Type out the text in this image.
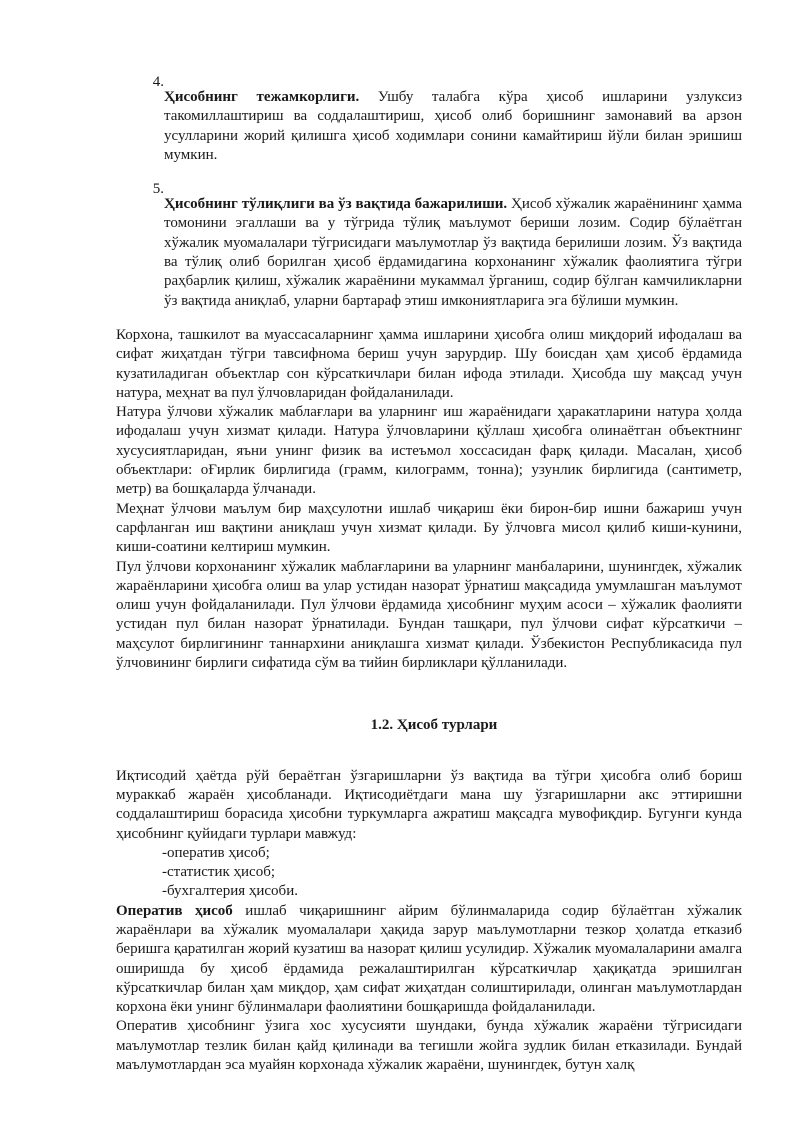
4.

Ҳисобнинг тежамкорлиги. Ушбу талабга кўра ҳисоб ишларини узлуксиз такомиллаштириш ва соддалаштириш, ҳисоб олиб боришнинг замонавий ва арзон усулларини жорий қилишга ҳисоб ходимлари сонини камайтириш йўли билан эришиш мумкин.

5.

Ҳисобнинг тўлиқлиги ва ўз вақтида бажарилиши. Ҳисоб хўжалик жараёнининг ҳамма томонини эгаллаши ва у тўгрида тўлиқ маълумот бериши лозим. Содир бўлаётган хўжалик муомалалари тўгрисидаги маълумотлар ўз вақтида берилиши лозим. Ўз вақтида ва тўлиқ олиб борилган ҳисоб ёрдамидагина корхонанинг хўжалик фаолиятига тўгри раҳбарлик қилиш, хўжалик жараёнини мукаммал ўрганиш, содир бўлган камчиликларни ўз вақтида аниқлаб, уларни бартараф этиш имкониятларига эга бўлиши мумкин.

Корхона, ташкилот ва муассасаларнинг ҳамма ишларини ҳисобга олиш миқдорий ифодалаш ва сифат жиҳатдан тўгри тавсифнома бериш учун зарурдир. Шу боисдан ҳам ҳисоб ёрдамида кузатиладиган объектлар сон кўрсаткичлари билан ифода этилади. Ҳисобда шу мақсад учун натура, меҳнат ва пул ўлчовларидан фойдаланилади.

Натура ўлчови хўжалик маблағлари ва уларнинг иш жараёнидаги ҳаракатларини натура ҳолда ифодалаш учун хизмат қилади. Натура ўлчовларини қўллаш ҳисобга олинаётган объектнинг хусусиятларидан, яъни унинг физик ва истеъмол хоссасидан фарқ қилади. Масалан, ҳисоб объектлари: оҒирлик бирлигида (грамм, килограмм, тонна); узунлик бирлигида (сантиметр, метр) ва бошқаларда ўлчанади.

Меҳнат ўлчови маълум бир маҳсулотни ишлаб чиқариш ёки бирон-бир ишни бажариш учун сарфланган иш вақтини аниқлаш учун хизмат қилади. Бу ўлчовга мисол қилиб киши-кунини, киши-соатини келтириш мумкин.

Пул ўлчови корхонанинг хўжалик маблағларини ва уларнинг манбаларини, шунингдек, хўжалик жараёнларини ҳисобга олиш ва улар устидан назорат ўрнатиш мақсадида умумлашган маълумот олиш учун фойдаланилади. Пул ўлчови ёрдамида ҳисобнинг муҳим асоси – хўжалик фаолияти устидан пул билан назорат ўрнатилади. Бундан ташқари, пул ўлчови сифат кўрсаткичи – маҳсулот бирлигининг таннархини аниқлашга хизмат қилади. Ўзбекистон Республикасида пул ўлчовининг бирлиги сифатида сўм ва тийин бирликлари қўлланилади.

1.2. Ҳисоб турлари

Иқтисодий ҳаётда рўй бераётган ўзгаришларни ўз вақтида ва тўгри ҳисобга олиб бориш мураккаб жараён ҳисобланади. Иқтисодиётдаги мана шу ўзгаришларни акс эттиришни соддалаштириш борасида ҳисобни туркумларга ажратиш мақсадга мувофиқдир. Бугунги кунда ҳисобнинг қуйидаги турлари мавжуд:

-оператив ҳисоб;

-статистик ҳисоб;

-бухгалтерия ҳисоби.

Оператив ҳисоб ишлаб чиқаришнинг айрим бўлинмаларида содир бўлаётган хўжалик жараёнлари ва хўжалик муомалалари ҳақида зарур маълумотларни тезкор ҳолатда етказиб беришга қаратилган жорий кузатиш ва назорат қилиш усулидир. Хўжалик муомалаларини амалга оширишда бу ҳисоб ёрдамида режалаштирилган кўрсаткичлар ҳақиқатда эришилган кўрсаткичлар билан ҳам миқдор, ҳам сифат жиҳатдан солиштирилади, олинган маълумотлардан корхона ёки унинг бўлинмалари фаолиятини бошқаришда фойдаланилади.

Оператив ҳисобнинг ўзига хос хусусияти шундаки, бунда хўжалик жараёни тўгрисидаги маълумотлар тезлик билан қайд қилинади ва тегишли жойга зудлик билан етказилади. Бундай маълумотлардан эса муайян корхонада хўжалик жараёни, шунингдек, бутун халқ
